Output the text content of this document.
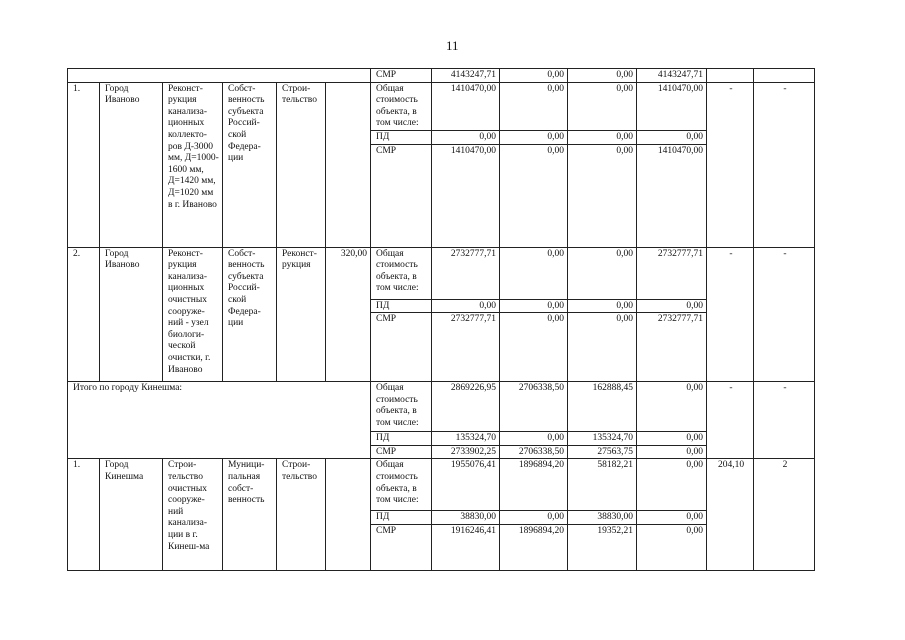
11
						СМР	4143247,71	0,00	0,00	4143247,71		
1.	Город Иваново	Реконст-рукция канализа-ционных коллекто-ров Д-3000 мм, Д=1000-1600 мм, Д=1420 мм, Д=1020 мм в г. Иваново	Собст-венность субъекта Россий-ской Федера-ции	Строи-тельство		Общая стоимость объекта, в том числе:	1410470,00	0,00	0,00	1410470,00	-	-
						ПД	0,00	0,00	0,00	0,00		
						СМР	1410470,00	0,00	0,00	1410470,00		
2.	Город Иваново	Реконст-рукция канализа-ционных очистных сооруже-ний - узел биологи-ческой очистки, г. Иваново	Собст-венность субъекта Россий-ской Федера-ции	Реконст-рукция	320,00	Общая стоимость объекта, в том числе:	2732777,71	0,00	0,00	2732777,71	-	-
						ПД	0,00	0,00	0,00	0,00		
						СМР	2732777,71	0,00	0,00	2732777,71		
Итого по городу Кинешма:						Общая стоимость объекта, в том числе:	2869226,95	2706338,50	162888,45	0,00	-	-
						ПД	135324,70	0,00	135324,70	0,00		
						СМР	2733902,25	2706338,50	27563,75	0,00		
1.	Город Кинешма	Строи-тельство очистных сооруже-ний канализа-ции в г. Кинеш-ма	Муници-пальная собст-венность	Строи-тельство		Общая стоимость объекта, в том числе:	1955076,41	1896894,20	58182,21	0,00	204,10	2
						ПД	38830,00	0,00	38830,00	0,00		
						СМР	1916246,41	1896894,20	19352,21	0,00		
